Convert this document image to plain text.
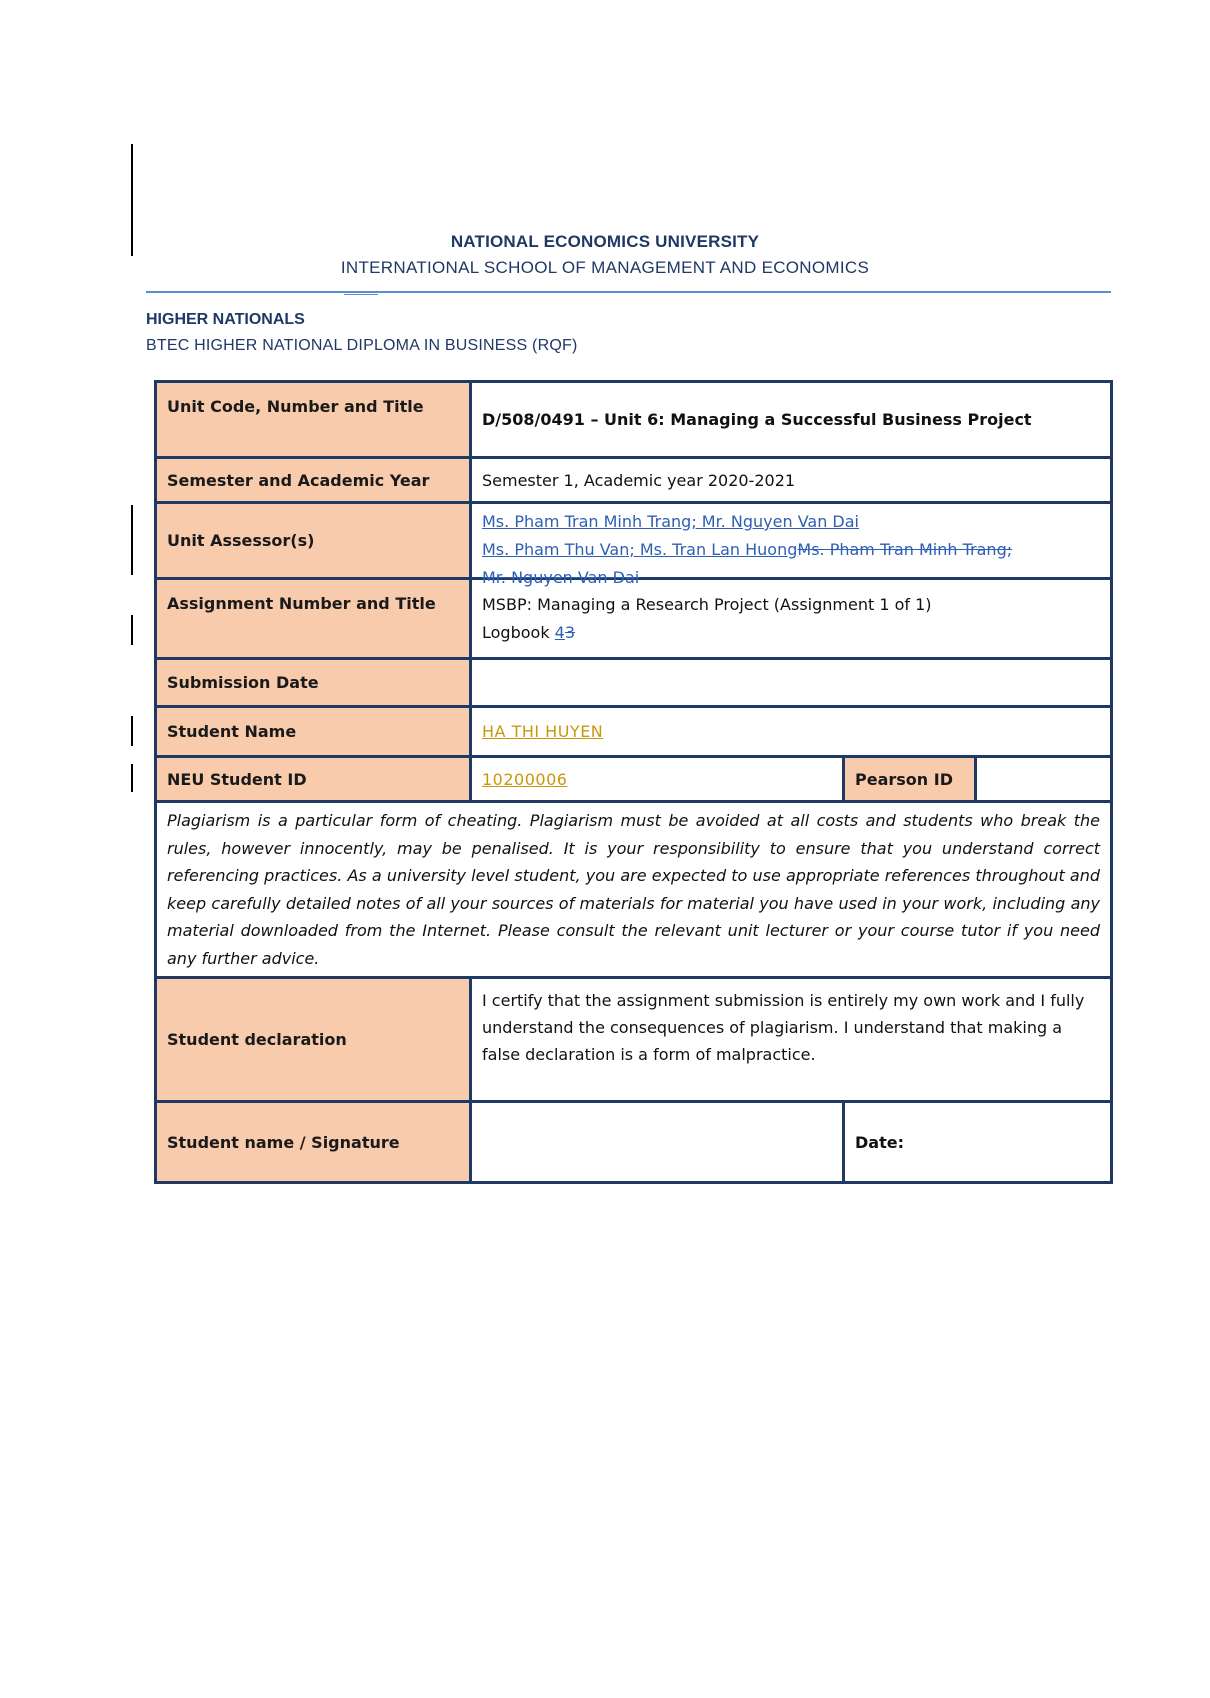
NATIONAL ECONOMICS UNIVERSITY
INTERNATIONAL SCHOOL OF MANAGEMENT AND ECONOMICS
HIGHER NATIONALS
BTEC HIGHER NATIONAL DIPLOMA IN BUSINESS (RQF)
Unit Code, Number and Title	D/508/0491 – Unit 6: Managing a Successful Business Project		
Semester and Academic Year	Semester 1, Academic year 2020-2021		
Unit Assessor(s)	Ms. Pham Tran Minh Trang; Mr. Nguyen Van Dai
Ms. Pham Thu Van; Ms. Tran Lan HuongMs. Pham Tran Minh Trang;
Mr. Nguyen Van Dai		

Assignment Number and Title	MSBP: Managing a Research Project (Assignment 1 of 1)
Logbook 43		
Submission Date			
Student Name	HA THI HUYEN		
NEU Student ID	10200006	Pearson ID	
Plagiarism is a particular form of cheating. Plagiarism must be avoided at all costs and students who break the rules, however innocently, may be penalised. It is your responsibility to ensure that you understand correct referencing practices. As a university level student, you are expected to use appropriate references throughout and keep carefully detailed notes of all your sources of materials for material you have used in your work, including any material downloaded from the Internet. Please consult the relevant unit lecturer or your course tutor if you need any further advice.			
Student declaration	I certify that the assignment submission is entirely my own work and I fully understand the consequences of plagiarism. I understand that making a false declaration is a form of malpractice.		
Student name / Signature		Date:	
